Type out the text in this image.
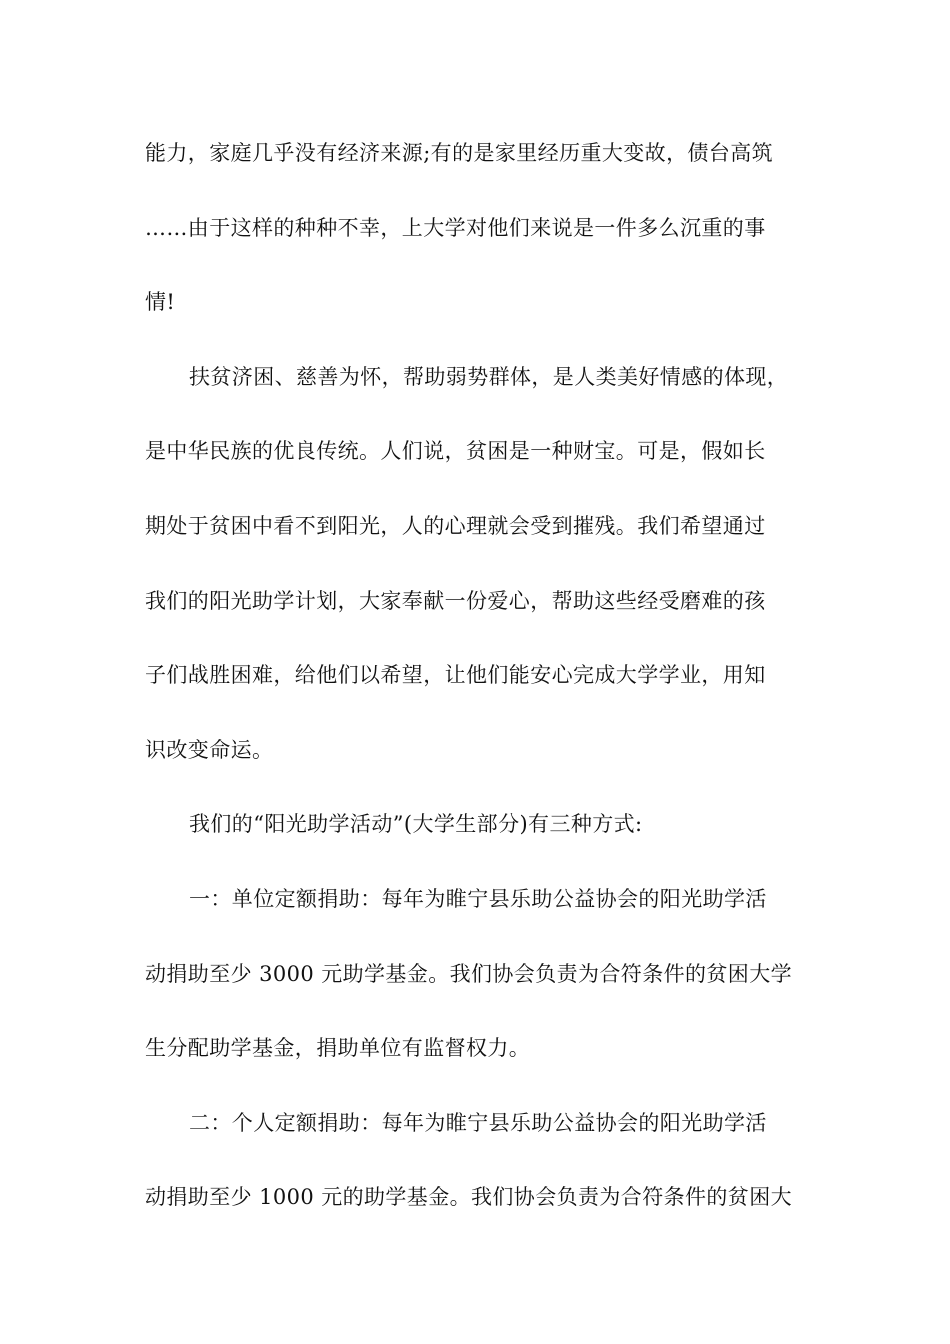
能力，家庭几乎没有经济来源;有的是家里经历重大变故，债台高筑
……由于这样的种种不幸，上大学对他们来说是一件多么沉重的事
情!
扶贫济困、慈善为怀，帮助弱势群体，是人类美好情感的体现，
是中华民族的优良传统。人们说，贫困是一种财宝。可是，假如长
期处于贫困中看不到阳光，人的心理就会受到摧残。我们希望通过
我们的阳光助学计划，大家奉献一份爱心，帮助这些经受磨难的孩
子们战胜困难，给他们以希望，让他们能安心完成大学学业，用知
识改变命运。
我们的“阳光助学活动”(大学生部分)有三种方式:
一：单位定额捐助：每年为睢宁县乐助公益协会的阳光助学活
动捐助至少 3000 元助学基金。我们协会负责为合符条件的贫困大学
生分配助学基金，捐助单位有监督权力。
二：个人定额捐助：每年为睢宁县乐助公益协会的阳光助学活
动捐助至少 1000 元的助学基金。我们协会负责为合符条件的贫困大
